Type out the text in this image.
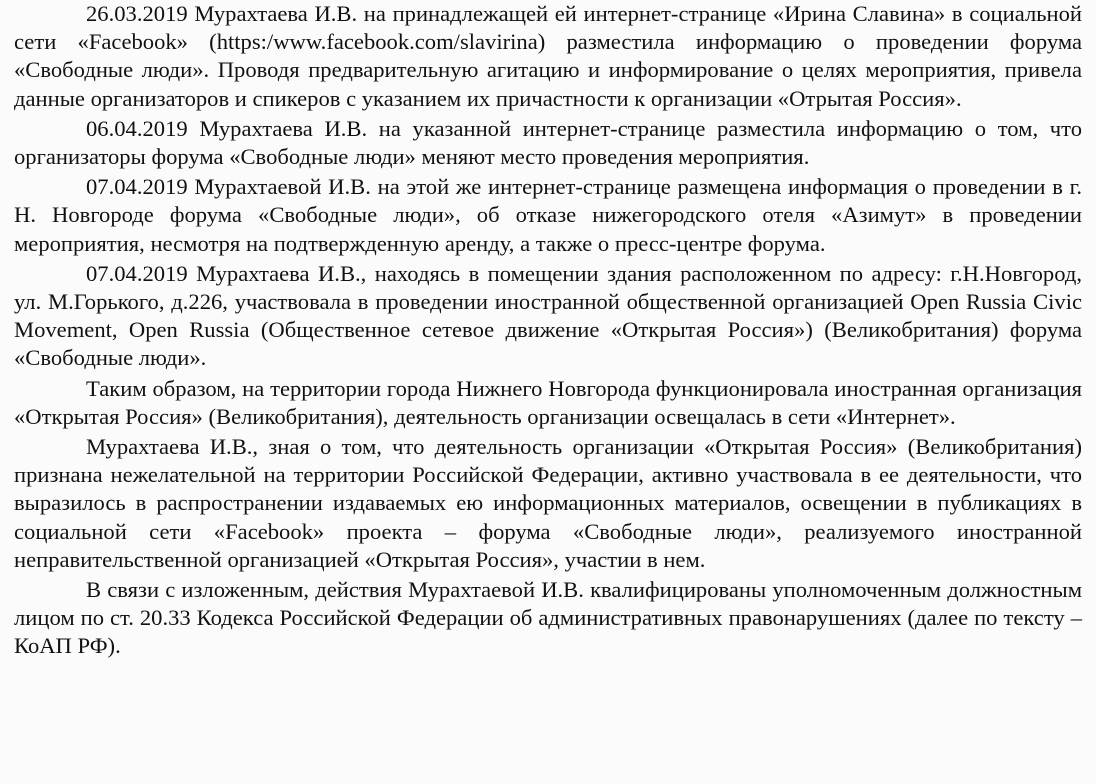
26.03.2019 Мурахтаева И.В. на принадлежащей ей интернет-странице «Ирина Славина» в социальной сети «Facebook» (https:/www.facebook.com/slavirina) разместила информацию о проведении форума «Свободные люди». Проводя предварительную агитацию и информирование о целях мероприятия, привела данные организаторов и спикеров с указанием их причастности к организации «Отрытая Россия».

06.04.2019 Мурахтаева И.В. на указанной интернет-странице разместила информацию о том, что организаторы форума «Свободные люди» меняют место проведения мероприятия.

07.04.2019 Мурахтаевой И.В. на этой же интернет-странице размещена информация о проведении в г. Н. Новгороде форума «Свободные люди», об отказе нижегородского отеля «Азимут» в проведении мероприятия, несмотря на подтвержденную аренду, а также о пресс-центре форума.

07.04.2019 Мурахтаева И.В., находясь в помещении здания расположенном по адресу: г.Н.Новгород, ул. М.Горького, д.226, участвовала в проведении иностранной общественной организацией Open Russia Civic Movement, Open Russia (Общественное сетевое движение «Открытая Россия») (Великобритания) форума «Свободные люди».

Таким образом, на территории города Нижнего Новгорода функционировала иностранная организация «Открытая Россия» (Великобритания), деятельность организации освещалась в сети «Интернет».

Мурахтаева И.В., зная о том, что деятельность организации «Открытая Россия» (Великобритания) признана нежелательной на территории Российской Федерации, активно участвовала в ее деятельности, что выразилось в распространении издаваемых ею информационных материалов, освещении в публикациях в социальной сети «Facebook» проекта – форума «Свободные люди», реализуемого иностранной неправительственной организацией «Открытая Россия», участии в нем.

В связи с изложенным, действия Мурахтаевой И.В. квалифицированы уполномоченным должностным лицом по ст. 20.33 Кодекса Российской Федерации об административных правонарушениях (далее по тексту – КоАП РФ).
